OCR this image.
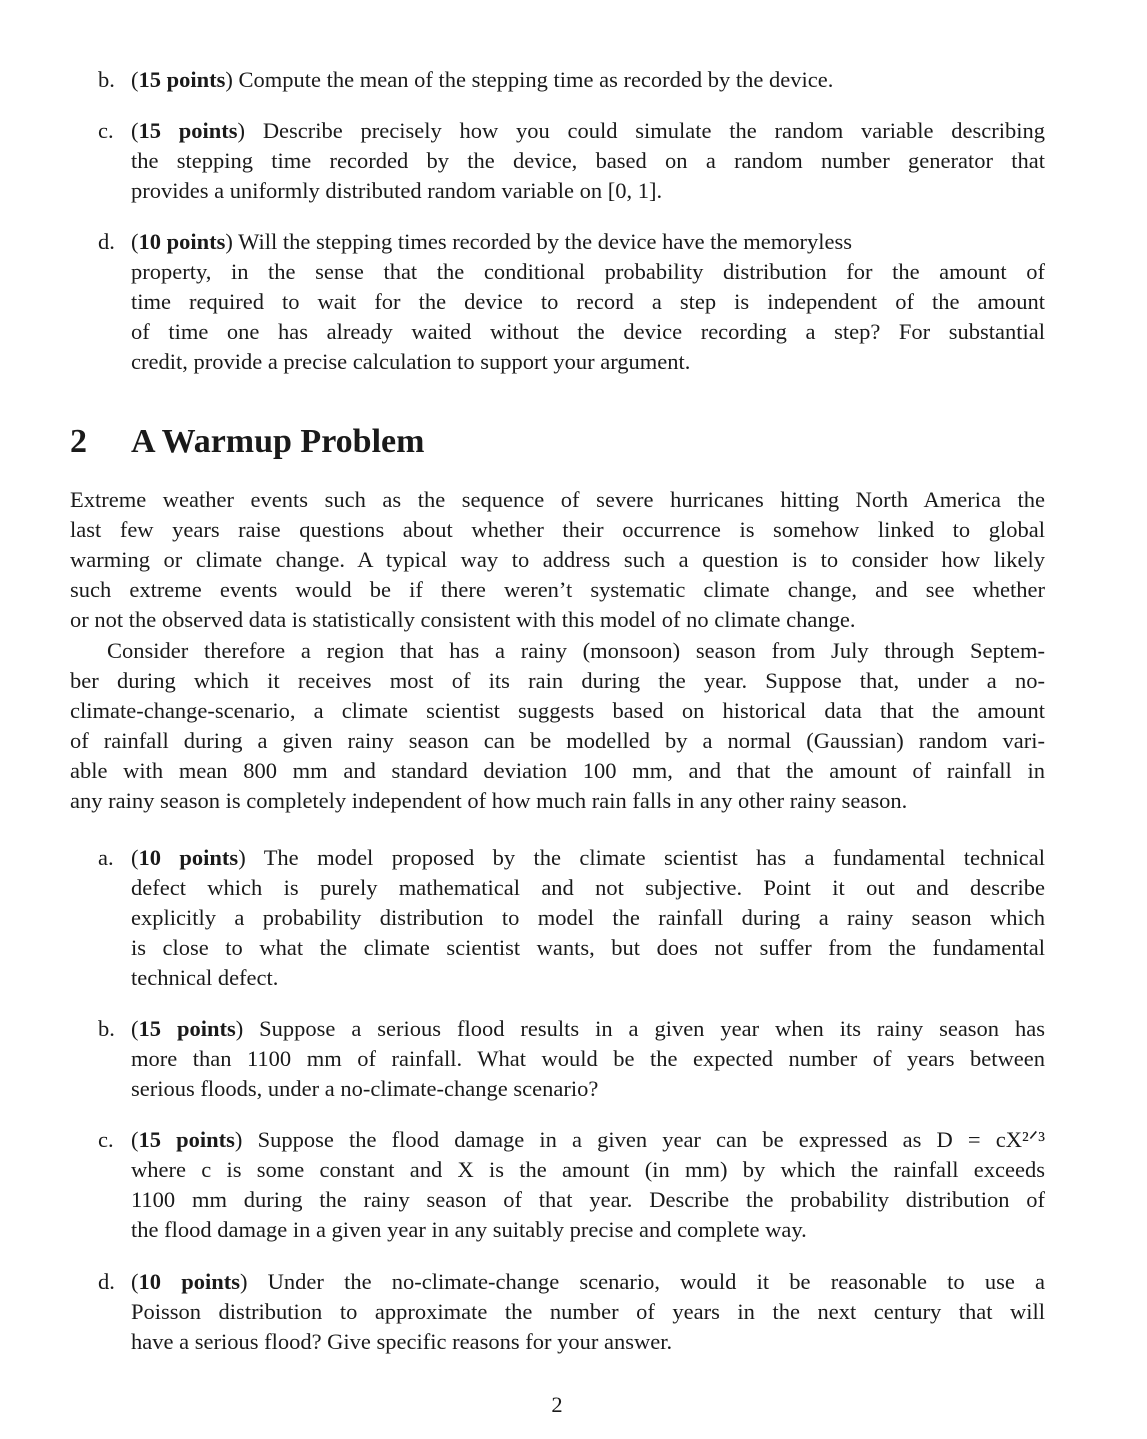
2 A Warmup Problem
2
b. (15 points) Compute the mean of the stepping time as recorded by the device.
c. (15 points) Describe precisely how you could simulate the random variable describing
the stepping time recorded by the device, based on a random number generator that
provides a uniformly distributed random variable on [0, 1].
d. (10 points) Will the stepping times recorded by the device have the memoryless
property, in the sense that the conditional probability distribution for the amount of
time required to wait for the device to record a step is independent of the amount
of time one has already waited without the device recording a step? For substantial
credit, provide a precise calculation to support your argument.
Extreme weather events such as the sequence of severe hurricanes hitting North America the
last few years raise questions about whether their occurrence is somehow linked to global
warming or climate change. A typical way to address such a question is to consider how likely
such extreme events would be if there weren’t systematic climate change, and see whether
or not the observed data is statistically consistent with this model of no climate change.
Consider therefore a region that has a rainy (monsoon) season from July through Septem-
ber during which it receives most of its rain during the year. Suppose that, under a no-
climate-change-scenario, a climate scientist suggests based on historical data that the amount
of rainfall during a given rainy season can be modelled by a normal (Gaussian) random vari-
able with mean 800 mm and standard deviation 100 mm, and that the amount of rainfall in
any rainy season is completely independent of how much rain falls in any other rainy season.
a. (10 points) The model proposed by the climate scientist has a fundamental technical
defect which is purely mathematical and not subjective. Point it out and describe
explicitly a probability distribution to model the rainfall during a rainy season which
is close to what the climate scientist wants, but does not suffer from the fundamental
technical defect.
b. (15 points) Suppose a serious flood results in a given year when its rainy season has
more than 1100 mm of rainfall. What would be the expected number of years between
serious floods, under a no-climate-change scenario?
c. (15 points) Suppose the flood damage in a given year can be expressed as D = cX²ᐟ³
where c is some constant and X is the amount (in mm) by which the rainfall exceeds
1100 mm during the rainy season of that year. Describe the probability distribution of
the flood damage in a given year in any suitably precise and complete way.
d. (10 points) Under the no-climate-change scenario, would it be reasonable to use a
Poisson distribution to approximate the number of years in the next century that will
have a serious flood? Give specific reasons for your answer.
